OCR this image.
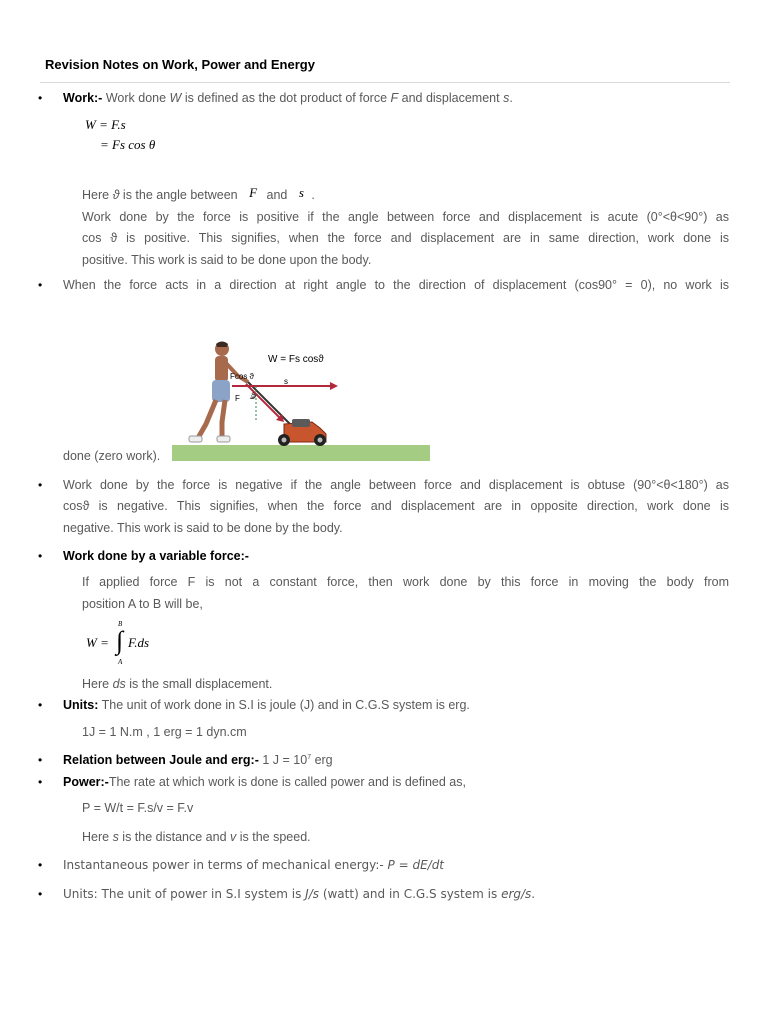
Revision Notes on Work, Power and Energy
• Work:- Work done W is defined as the dot product of force F and displacement s.
W = F.s
= Fs cos θ
Here ϑ is the angle between F and s .
Work done by the force is positive if the angle between force and displacement is acute (0°<θ<90°) as
cos ϑ is positive. This signifies, when the force and displacement are in same direction, work done is
positive. This work is said to be done upon the body.
• When the force acts in a direction at right angle to the direction of displacement (cos90° = 0), no work is
W = Fs cosϑ
Fcos ϑ
s
F ϑ
done (zero work).
• Work done by the force is negative if the angle between force and displacement is obtuse (90°<θ<180°) as
cosϑ is negative. This signifies, when the force and displacement are in opposite direction, work done is
negative. This work is said to be done by the body.
• Work done by a variable force:-
If applied force F is not a constant force, then work done by this force in moving the body from
position A to B will be,
W = ∫
B
A
F.ds
Here ds is the small displacement.
• Units: The unit of work done in S.I is joule (J) and in C.G.S system is erg.
1J = 1 N.m , 1 erg = 1 dyn.cm
• Relation between Joule and erg:- 1 $J = 10^7$ erg
• Power:-The rate at which work is done is called power and is defined as,
P = W/t = F.s/v = F.v
Here s is the distance and v is the speed.
• Instantaneous power in terms of mechanical energy:- P = dE/dt
• Units: The unit of power in S.I system is J/s (watt) and in C.G.S system is erg/s.
